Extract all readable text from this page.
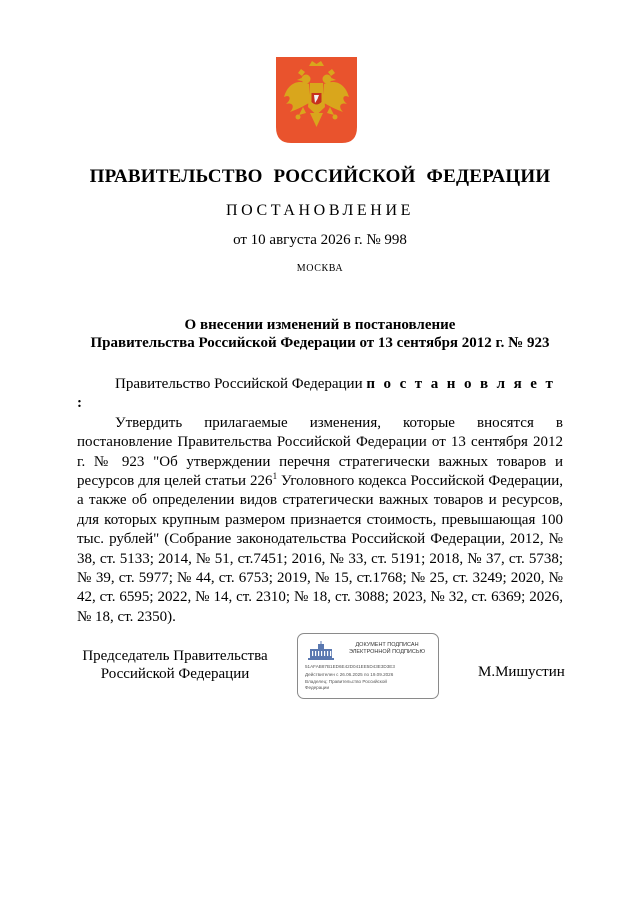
ПРАВИТЕЛЬСТВО РОССИЙСКОЙ ФЕДЕРАЦИИ
ПОСТАНОВЛЕНИЕ
от 10 августа 2026 г. № 998
МОСКВА
О внесении изменений в постановление
Правительства Российской Федерации от 13 сентября 2012 г. № 923

Правительство Российской Федерации п о с т а н о в л я е т :

Утвердить прилагаемые изменения, которые вносятся в постановление Правительства Российской Федерации от 13 сентября 2012 г. № 923 "Об утверждении перечня стратегически важных товаров и ресурсов для целей статьи $226^1$ Уголовного кодекса Российской Федерации, а также об определении видов стратегически важных товаров и ресурсов, для которых крупным размером признается стоимость, превышающая 100 тыс. рублей" (Собрание законодательства Российской Федерации, 2012, № 38, ст. 5133; 2014, № 51, ст.7451; 2016, № 33, ст. 5191; 2018, № 37, ст. 5738; № 39, ст. 5977; № 44, ст. 6753; 2019, № 15, ст.1768; № 25, ст. 3249; 2020, № 42, ст. 6595; 2022, № 14, ст. 2310; № 18, ст. 3088; 2023, № 32, ст. 6369; 2026, № 18, ст. 2350).

Председатель Правительства
Российской Федерации
ДОКУМЕНТ ПОДПИСАН
ЭЛЕКТРОННОЙ ПОДПИСЬЮ
51AFAB87B1ED6E42D041EE5D43E3D3E3
Действителен с 26.06.2025 по 19.09.2026
Владелец: Правительство Российской
Федерации
М.Мишустин
